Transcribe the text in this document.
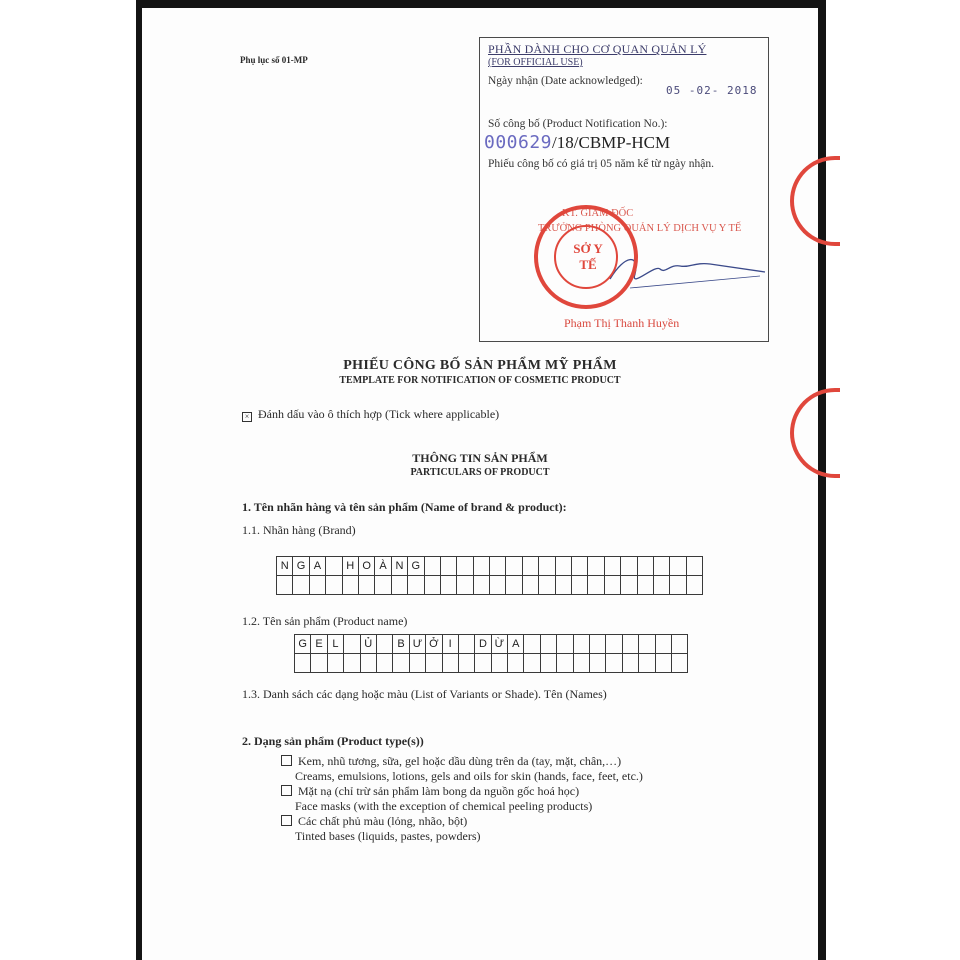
Phụ lục số 01-MP
PHẦN DÀNH CHO CƠ QUAN QUẢN LÝ
(FOR OFFICIAL USE)
Ngày nhận (Date acknowledged):
05 -02- 2018
Số công bố (Product Notification No.):
000629/18/CBMP-HCM
Phiếu công bố có giá trị 05 năm kể từ ngày nhận.
KT. GIÁM ĐỐC
TRƯỞNG PHÒNG QUẢN LÝ DỊCH VỤ Y TẾ
Phạm Thị Thanh Huyền
SỞ Y TẾ
PHIẾU CÔNG BỐ SẢN PHẨM MỸ PHẨM
TEMPLATE FOR NOTIFICATION OF COSMETIC PRODUCT
× Đánh dấu vào ô thích hợp (Tick where applicable)
THÔNG TIN SẢN PHẨM
PARTICULARS OF PRODUCT
1. Tên nhãn hàng và tên sản phẩm (Name of brand & product):
1.1. Nhãn hàng (Brand)
N	G	A		H	O	À	N	G																	

1.2. Tên sản phẩm (Product name)
G	E	L		Ủ		B	Ư	Ở	I		D	Ừ	A										

1.3. Danh sách các dạng hoặc màu (List of Variants or Shade). Tên (Names)
2. Dạng sản phẩm (Product type(s))
Kem, nhũ tương, sữa, gel hoặc dầu dùng trên da (tay, mặt, chân,…)
Creams, emulsions, lotions, gels and oils for skin (hands, face, feet, etc.)
Mặt nạ (chỉ trừ sản phẩm làm bong da nguồn gốc hoá học)
Face masks (with the exception of chemical peeling products)
Các chất phủ màu (lỏng, nhão, bột)
Tinted bases (liquids, pastes, powders)
